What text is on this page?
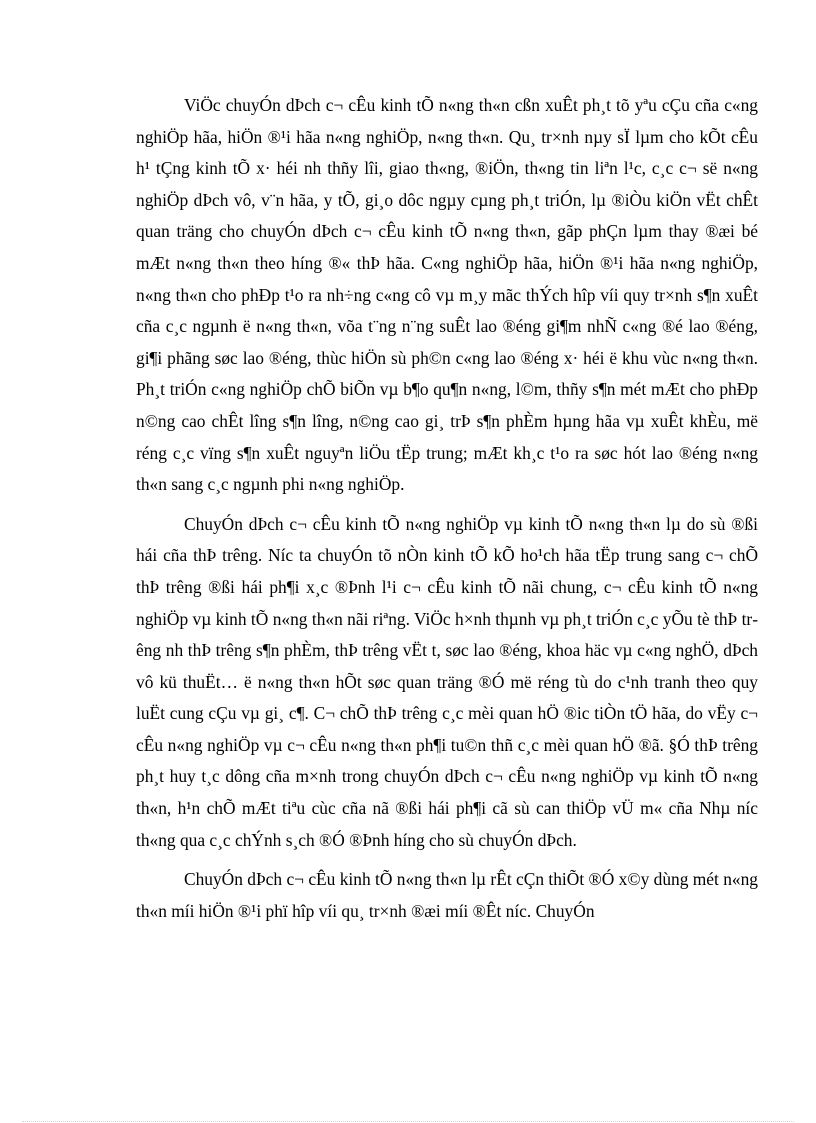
ViÖc chuyÓn dÞch c¬ cÊu kinh tÕ n«ng th«n cßn xuÊt ph¸t tõ yªu cÇu cña c«ng nghiÖp hãa, hiÖn ®¹i hãa n«ng nghiÖp, n«ng th«n. Qu¸ tr×nh nµy sÏ lµm cho kÕt cÊu h¹ tÇng kinh tÕ x· héi nh thñy lîi, giao th«ng, ®iÖn, th«ng tin liªn l¹c, c¸c c¬ së n«ng nghiÖp dÞch vô, v¨n hãa, y tÕ, gi¸o dôc ngµy cµng ph¸t triÓn, lµ ®iÒu kiÖn vËt chÊt quan träng cho chuyÓn dÞch c¬ cÊu kinh tÕ n«ng th«n, gãp phÇn lµm thay ®æi bé mÆt n«ng th«n theo híng ®« thÞ hãa. C«ng nghiÖp hãa, hiÖn ®¹i hãa n«ng nghiÖp, n«ng th«n cho phÐp t¹o ra nh÷ng c«ng cô vµ m¸y mãc thÝch hîp víi quy tr×nh s¶n xuÊt cña c¸c ngµnh ë n«ng th«n, võa t¨ng n¨ng suÊt lao ®éng gi¶m nhÑ c«ng ®é lao ®éng, gi¶i phãng søc lao ®éng, thùc hiÖn sù ph©n c«ng lao ®éng x· héi ë khu vùc n«ng th«n. Ph¸t triÓn c«ng nghiÖp chÕ biÕn vµ b¶o qu¶n n«ng, l©m, thñy s¶n mét mÆt cho phÐp n©ng cao chÊt lîng s¶n lîng, n©ng cao gi¸ trÞ s¶n phÈm hµng hãa vµ xuÊt khÈu, më réng c¸c vïng s¶n xuÊt nguyªn liÖu tËp trung; mÆt kh¸c t¹o ra søc hót lao ®éng n«ng th«n sang c¸c ngµnh phi n«ng nghiÖp.

ChuyÓn dÞch c¬ cÊu kinh tÕ n«ng nghiÖp vµ kinh tÕ n«ng th«n lµ do sù ®ßi hái cña thÞ trêng. Níc ta chuyÓn tõ nÒn kinh tÕ kÕ ho¹ch hãa tËp trung sang c¬ chÕ thÞ trêng ®ßi hái ph¶i x¸c ®Þnh l¹i c¬ cÊu kinh tÕ nãi chung, c¬ cÊu kinh tÕ n«ng nghiÖp vµ kinh tÕ n«ng th«n nãi riªng. ViÖc h×nh thµnh vµ ph¸t triÓn c¸c yÕu tè thÞ trêng nh thÞ trêng s¶n phÈm, thÞ trêng vËt t, søc lao ®éng, khoa häc vµ c«ng nghÖ, dÞch vô kü thuËt… ë n«ng th«n hÕt søc quan träng ®Ó më réng tù do c¹nh tranh theo quy luËt cung cÇu vµ gi¸ c¶. C¬ chÕ thÞ trêng c¸c mèi quan hÖ ®ic tiÒn tÖ hãa, do vËy c¬ cÊu n«ng nghiÖp vµ c¬ cÊu n«ng th«n ph¶i tu©n thñ c¸c mèi quan hÖ ®ã. §Ó thÞ trêng ph¸t huy t¸c dông cña m×nh trong chuyÓn dÞch c¬ cÊu n«ng nghiÖp vµ kinh tÕ n«ng th«n, h¹n chÕ mÆt tiªu cùc cña nã ®ßi hái ph¶i cã sù can thiÖp vÜ m« cña Nhµ níc th«ng qua c¸c chÝnh s¸ch ®Ó ®Þnh híng cho sù chuyÓn dÞch.

ChuyÓn dÞch c¬ cÊu kinh tÕ n«ng th«n lµ rÊt cÇn thiÕt ®Ó x©y dùng mét n«ng th«n míi hiÖn ®¹i phï hîp víi qu¸ tr×nh ®æi míi ®Êt níc. ChuyÓn
